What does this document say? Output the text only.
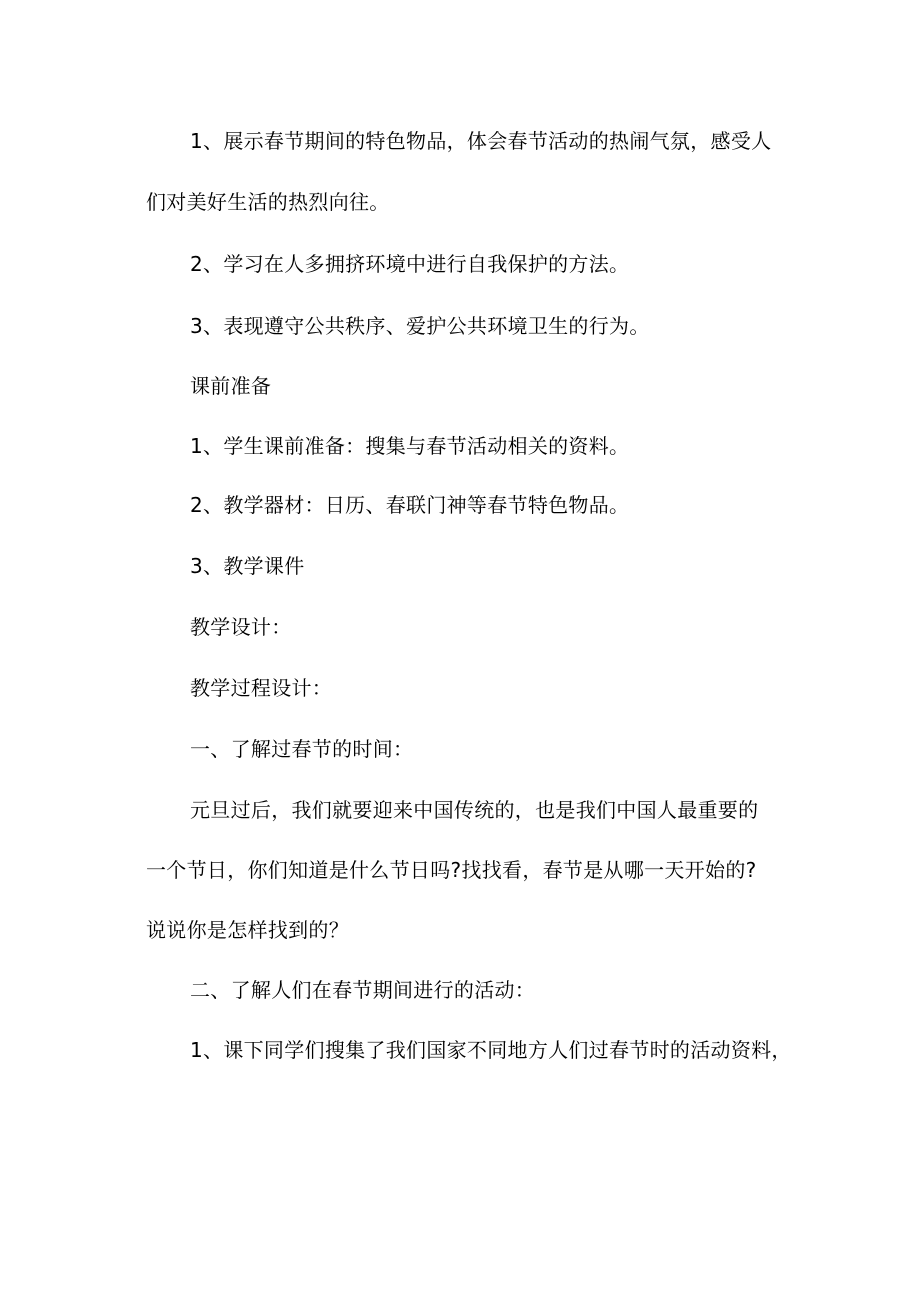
1、展示春节期间的特色物品，体会春节活动的热闹气氛，感受人
们对美好生活的热烈向往。
2、学习在人多拥挤环境中进行自我保护的方法。
3、表现遵守公共秩序、爱护公共环境卫生的行为。
课前准备
1、学生课前准备：搜集与春节活动相关的资料。
2、教学器材：日历、春联门神等春节特色物品。
3、教学课件
教学设计：
教学过程设计：
一、了解过春节的时间：
元旦过后，我们就要迎来中国传统的，也是我们中国人最重要的
一个节日，你们知道是什么节日吗?找找看，春节是从哪一天开始的?
说说你是怎样找到的？
二、了解人们在春节期间进行的活动：
1、课下同学们搜集了我们国家不同地方人们过春节时的活动资料，
